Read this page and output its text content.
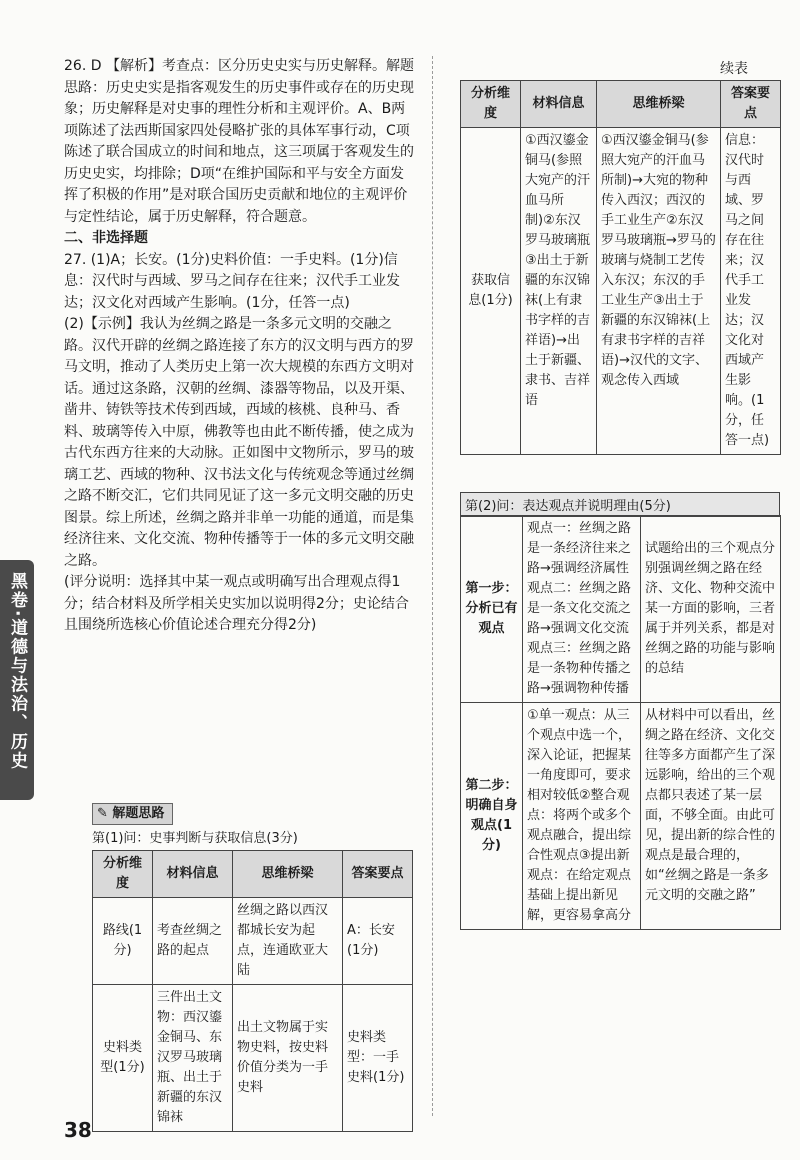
26. D 【解析】考查点：区分历史史实与历史解释。解题思路：历史史实是指客观发生的历史事件或存在的历史现象；历史解释是对史事的理性分析和主观评价。A、B两项陈述了法西斯国家四处侵略扩张的具体军事行动，C项陈述了联合国成立的时间和地点，这三项属于客观发生的历史史实，均排除；D项“在维护国际和平与安全方面发挥了积极的作用”是对联合国历史贡献和地位的主观评价与定性结论，属于历史解释，符合题意。

二、非选择题

27. (1)A；长安。(1分)史料价值：一手史料。(1分)信息：汉代时与西域、罗马之间存在往来；汉代手工业发达；汉文化对西域产生影响。(1分，任答一点)

(2)【示例】我认为丝绸之路是一条多元文明的交融之路。汉代开辟的丝绸之路连接了东方的汉文明与西方的罗马文明，推动了人类历史上第一次大规模的东西方文明对话。通过这条路，汉朝的丝绸、漆器等物品，以及开渠、凿井、铸铁等技术传到西域，西域的核桃、良种马、香料、玻璃等传入中原，佛教等也由此不断传播，使之成为古代东西方往来的大动脉。正如图中文物所示，罗马的玻璃工艺、西域的物种、汉书法文化与传统观念等通过丝绸之路不断交汇，它们共同见证了这一多元文明交融的历史图景。综上所述，丝绸之路并非单一功能的通道，而是集经济往来、文化交流、物种传播等于一体的多元文明交融之路。

(评分说明：选择其中某一观点或明确写出合理观点得1分；结合材料及所学相关史实加以说明得2分；史论结合且围绕所选核心价值论述合理充分得2分)

✎ 解题思路
第(1)问：史事判断与获取信息(3分)
分析维度	材料信息	思维桥梁	答案要点
路线(1分)	考查丝绸之路的起点	丝绸之路以西汉都城长安为起点，连通欧亚大陆	A：长安(1分)
史料类型(1分)	三件出土文物：西汉鎏金铜马、东汉罗马玻璃瓶、出土于新疆的东汉锦袜	出土文物属于实物史料，按史料价值分类为一手史料	史料类型：一手史料(1分)
黑卷·道德与法治、历史
38
续表
分析维度	材料信息	思维桥梁	答案要点
获取信息(1分)	①西汉鎏金铜马(参照大宛产的汗血马所制)②东汉罗马玻璃瓶③出土于新疆的东汉锦袜(上有隶书字样的吉祥语)→出土于新疆、隶书、吉祥语	①西汉鎏金铜马(参照大宛产的汗血马所制)→大宛的物种传入西汉；西汉的手工业生产②东汉罗马玻璃瓶→罗马的玻璃与烧制工艺传入东汉；东汉的手工业生产③出土于新疆的东汉锦袜(上有隶书字样的吉祥语)→汉代的文字、观念传入西域	信息：汉代时与西域、罗马之间存在往来；汉代手工业发达；汉文化对西域产生影响。(1分，任答一点)
第(2)问：表达观点并说明理由(5分)
第一步：分析已有观点	观点一：丝绸之路是一条经济往来之路→强调经济属性 观点二：丝绸之路是一条文化交流之路→强调文化交流 观点三：丝绸之路是一条物种传播之路→强调物种传播	试题给出的三个观点分别强调丝绸之路在经济、文化、物种交流中某一方面的影响，三者属于并列关系，都是对丝绸之路的功能与影响的总结
第二步：明确自身观点(1分)	①单一观点：从三个观点中选一个，深入论证，把握某一角度即可，要求相对较低②整合观点：将两个或多个观点融合，提出综合性观点③提出新观点：在给定观点基础上提出新见解，更容易拿高分	从材料中可以看出，丝绸之路在经济、文化交往等多方面都产生了深远影响，给出的三个观点都只表述了某一层面，不够全面。由此可见，提出新的综合性的观点是最合理的，如“丝绸之路是一条多元文明的交融之路”
